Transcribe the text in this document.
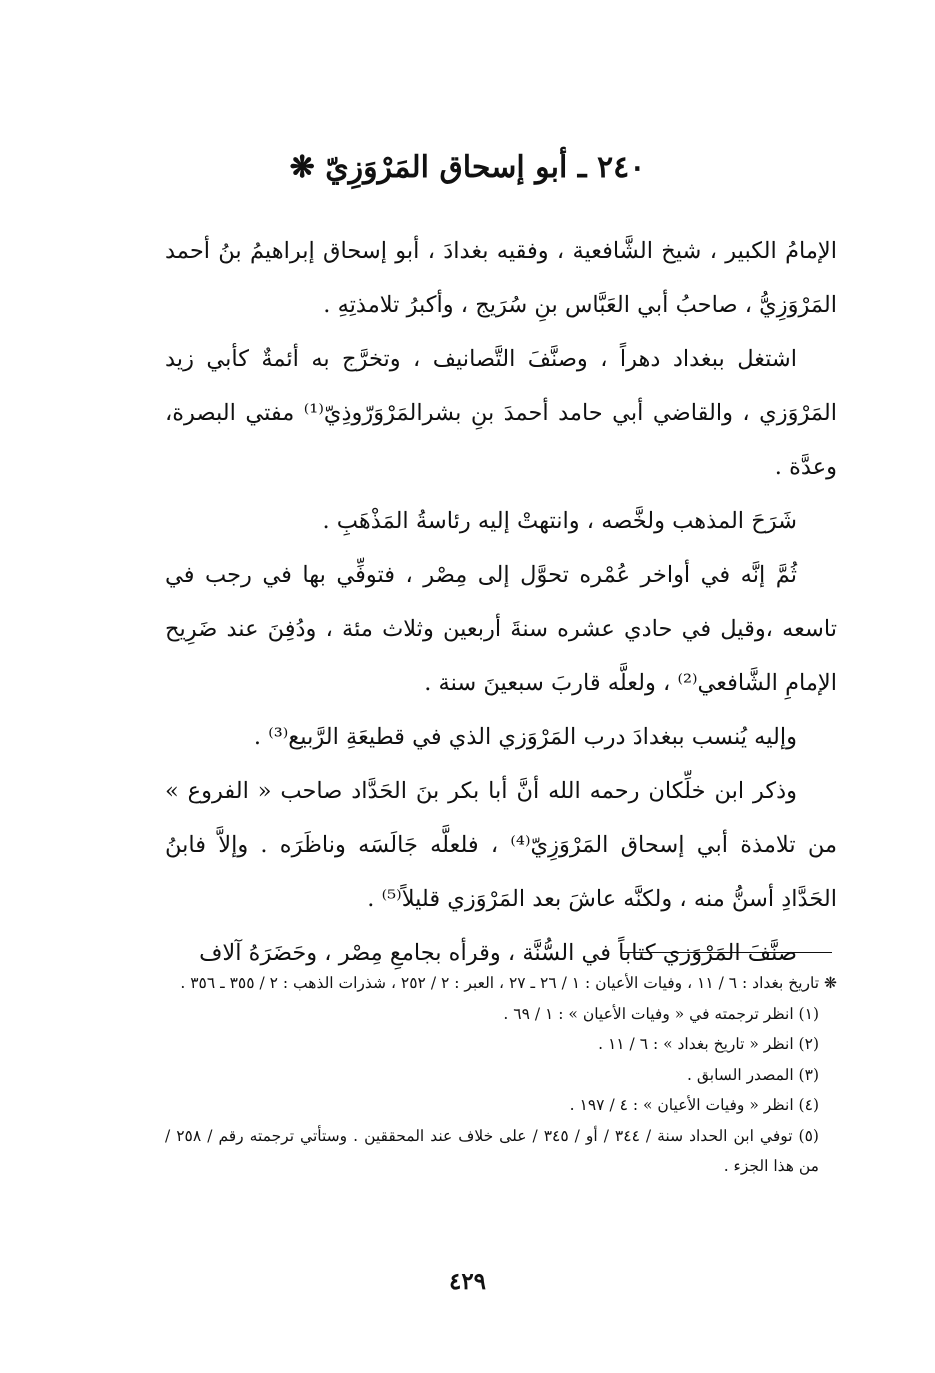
٢٤٠ ـ أبو إسحاق المَرْوَزِيّ ❋

الإمامُ الكبير ، شيخ الشَّافعية ، وفقيه بغدادَ ، أبو إسحاق إبراهيمُ بنُ أحمد المَرْوَزِيُّ ، صاحبُ أبي العَبَّاس بنِ سُرَيج ، وأكبرُ تلامذتِهِ .

اشتغل ببغداد دهراً ، وصنَّفَ التَّصانيف ، وتخرَّج به أئمةٌ كأبي زيد المَرْوَزي ، والقاضي أبي حامد أحمدَ بنِ بشرالمَرْوَرّوذِيّ⁽¹⁾ مفتي البصرة، وعدَّة .

شَرَحَ المذهب ولخَّصه ، وانتهتْ إليه رئاسةُ المَذْهَبِ .

ثُمَّ إنَّه في أواخر عُمْره تحوَّل إلى مِصْر ، فتوفِّي بها في رجب في تاسعه ،وقيل في حادي عشره سنةَ أربعين وثلاث مئة ، ودُفِنَ عند ضَرِيح الإمامِ الشَّافعي⁽²⁾ ، ولعلَّه قاربَ سبعينَ سنة .

وإليه يُنسب ببغدادَ درب المَرْوَزي الذي في قطيعَةِ الرَّبيع⁽³⁾ .

وذكر ابن خلِّكان رحمه الله أنَّ أبا بكر بنَ الحَدَّاد صاحب « الفروع » من تلامذة أبي إسحاق المَرْوَزِيّ⁽⁴⁾ ، فلعلَّه جَالَسَه وناظَرَه . وإلاَّ فابنُ الحَدَّادِ أسنُّ منه ، ولكنَّه عاشَ بعد المَرْوَزي قليلاً⁽⁵⁾ .

صنَّفَ المَرْوَزي كتاباً في السُّنَّة ، وقرأه بجامعِ مِصْر ، وحَضَرَهُ آلاف

❋ تاريخ بغداد : ٦ / ١١ ، وفيات الأعيان : ١ / ٢٦ ـ ٢٧ ، العبر : ٢ / ٢٥٢ ، شذرات الذهب : ٢ / ٣٥٥ ـ ٣٥٦ .

(١) انظر ترجمته في « وفيات الأعيان » : ١ / ٦٩ .

(٢) انظر « تاريخ بغداد » : ٦ / ١١ .

(٣) المصدر السابق .

(٤) انظر « وفيات الأعيان » : ٤ / ١٩٧ .

(٥) توفي ابن الحداد سنة / ٣٤٤ / أو / ٣٤٥ / على خلاف عند المحققين . وستأتي ترجمته رقم / ٢٥٨ / من هذا الجزء .

٤٢٩
